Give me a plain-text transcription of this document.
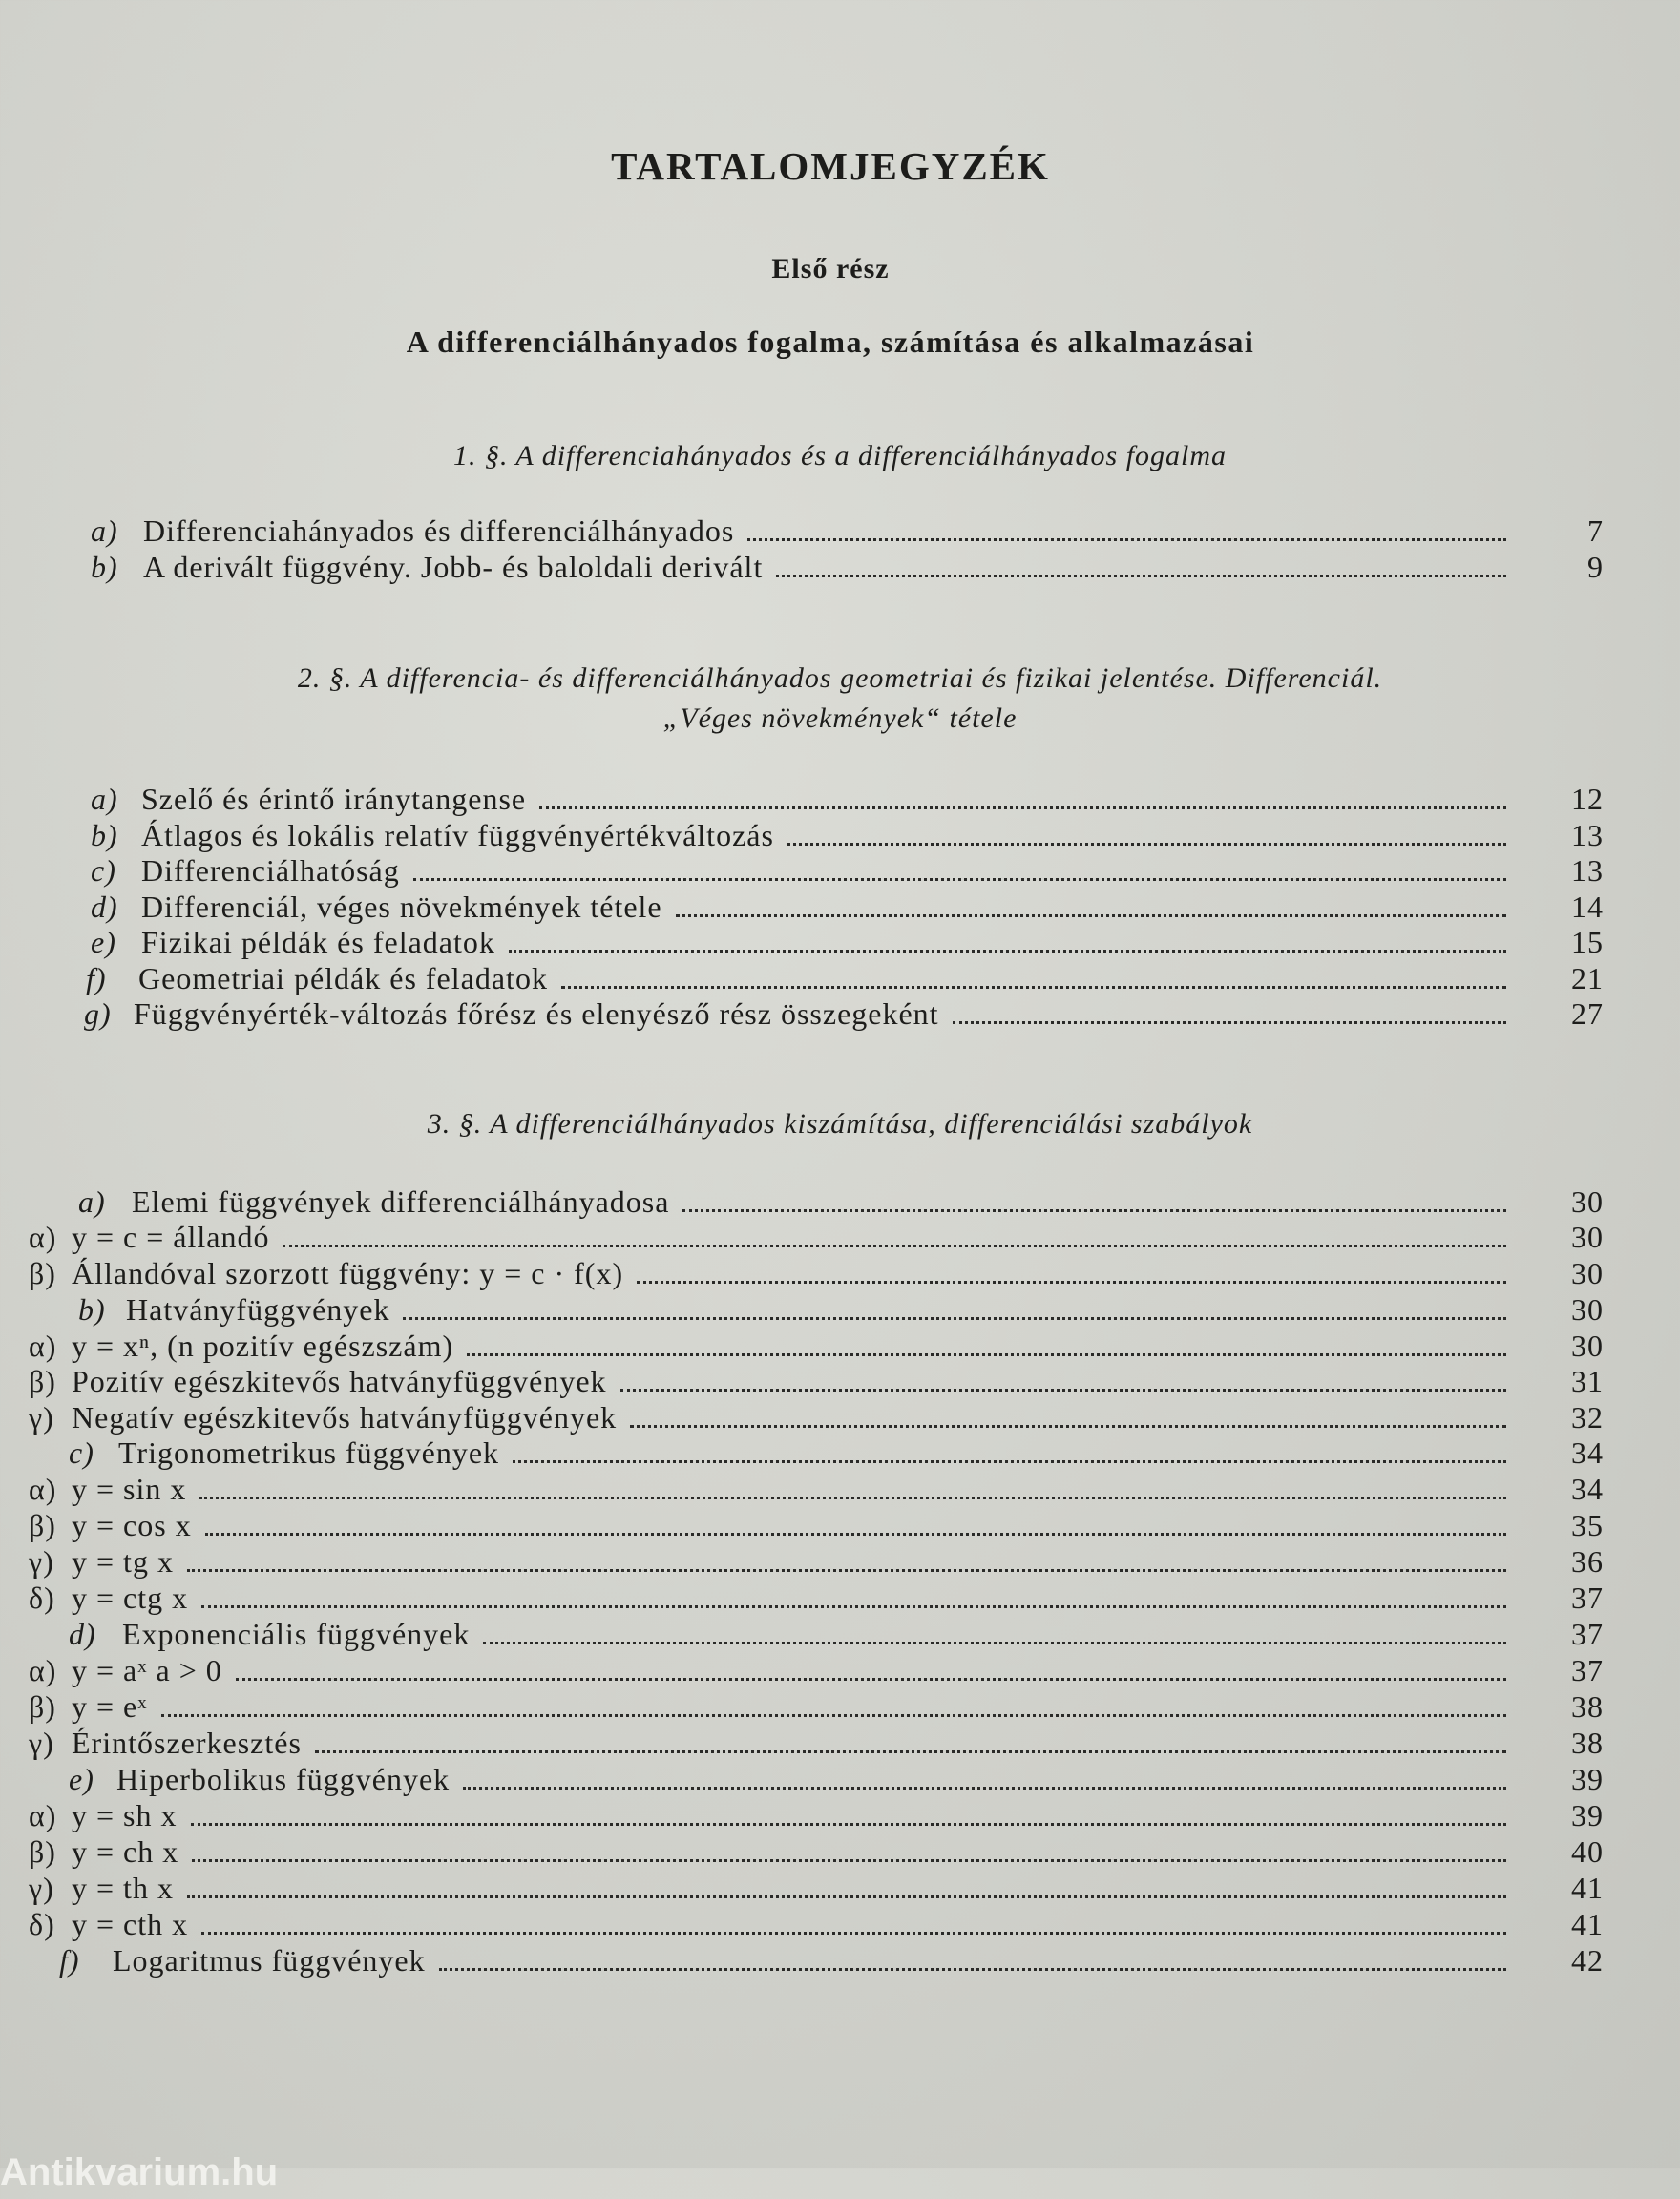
TARTALOMJEGYZÉK
Első rész
A differenciálhányados fogalma, számítása és alkalmazásai
1. §. A differenciahányados és a differenciálhányados fogalma
2. §. A differencia- és differenciálhányados geometriai és fizikai jelentése. Differenciál.
„Véges növekmények“ tétele
3. §. A differenciálhányados kiszámítása, differenciálási szabályok
a) Differenciahányados és differenciálhányados	7
b) A derivált függvény. Jobb- és baloldali derivált	9
a) Szelő és érintő iránytangense	12
b) Átlagos és lokális relatív függvényértékváltozás	13
c) Differenciálhatóság	13
d) Differenciál, véges növekmények tétele	14
e) Fizikai példák és feladatok	15
f) Geometriai példák és feladatok	21
g) Függvényérték-változás főrész és elenyésző rész összegeként	27
a) Elemi függvények differenciálhányadosa	30
α) y = c = állandó	30
β) Állandóval szorzott függvény: y = c · f(x)	30
b) Hatványfüggvények	30
α) y = xⁿ, (n pozitív egészszám)	30
β) Pozitív egészkitevős hatványfüggvények	31
γ) Negatív egészkitevős hatványfüggvények	32
c) Trigonometrikus függvények	34
α) y = sin x	34
β) y = cos x	35
γ) y = tg x	36
δ) y = ctg x	37
d) Exponenciális függvények	37
α) y = aˣ a > 0	37
β) y = eˣ	38
γ) Érintőszerkesztés	38
e) Hiperbolikus függvények	39
α) y = sh x	39
β) y = ch x	40
γ) y = th x	41
δ) y = cth x	41
f) Logaritmus függvények	42
Antikvarium.hu
